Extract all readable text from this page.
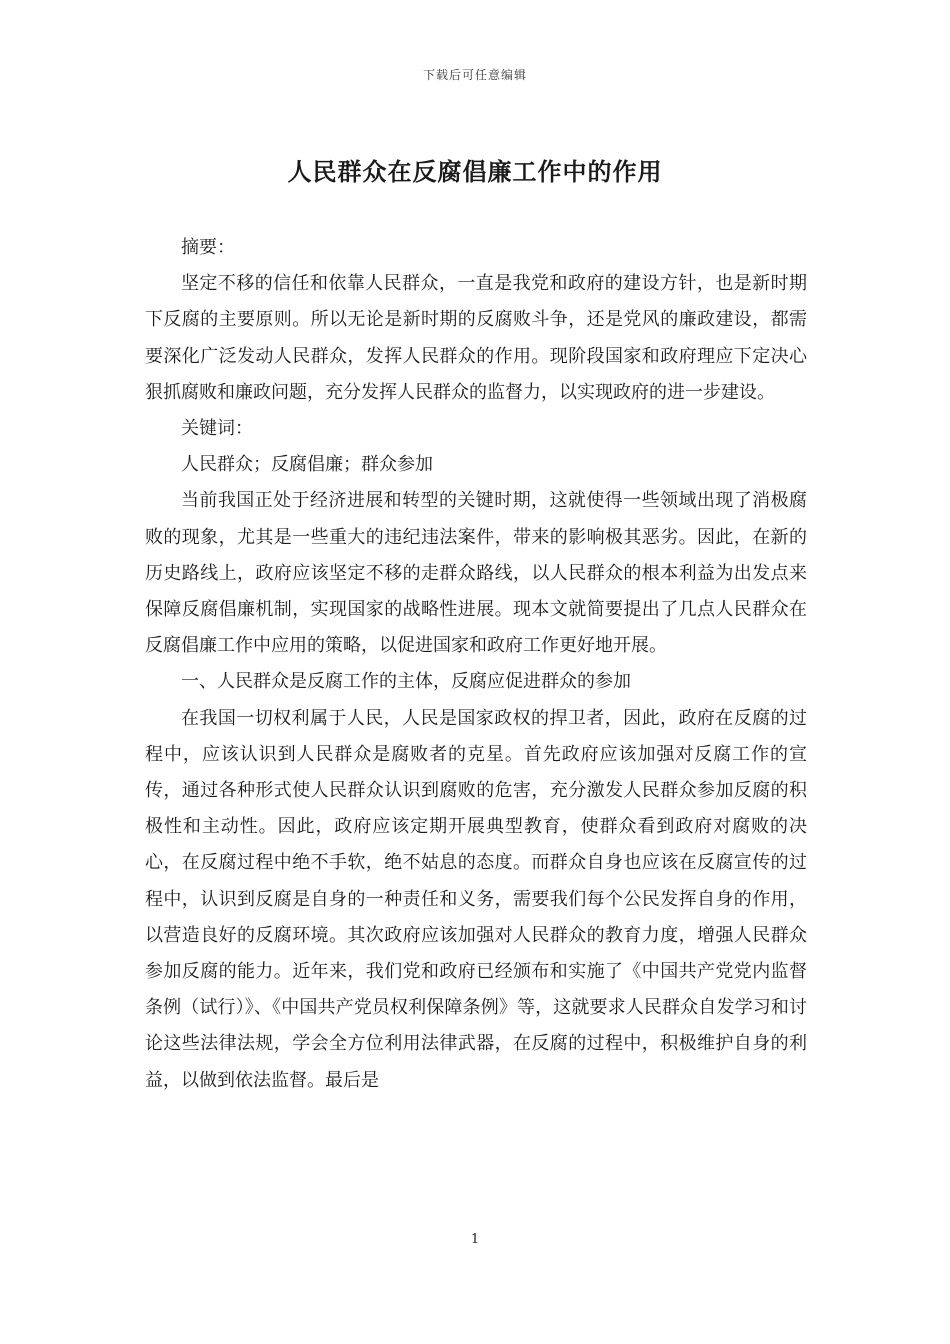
下载后可任意编辑
人民群众在反腐倡廉工作中的作用

摘要：

坚定不移的信任和依靠人民群众，一直是我党和政府的建设方针，也是新时期下反腐的主要原则。所以无论是新时期的反腐败斗争，还是党风的廉政建设，都需要深化广泛发动人民群众，发挥人民群众的作用。现阶段国家和政府理应下定决心狠抓腐败和廉政问题，充分发挥人民群众的监督力，以实现政府的进一步建设。

关键词：

人民群众；反腐倡廉；群众参加

当前我国正处于经济进展和转型的关键时期，这就使得一些领域出现了消极腐败的现象，尤其是一些重大的违纪违法案件，带来的影响极其恶劣。因此，在新的历史路线上，政府应该坚定不移的走群众路线，以人民群众的根本利益为出发点来保障反腐倡廉机制，实现国家的战略性进展。现本文就简要提出了几点人民群众在反腐倡廉工作中应用的策略，以促进国家和政府工作更好地开展。

一、人民群众是反腐工作的主体，反腐应促进群众的参加

在我国一切权利属于人民，人民是国家政权的捍卫者，因此，政府在反腐的过程中，应该认识到人民群众是腐败者的克星。首先政府应该加强对反腐工作的宣传，通过各种形式使人民群众认识到腐败的危害，充分激发人民群众参加反腐的积极性和主动性。因此，政府应该定期开展典型教育，使群众看到政府对腐败的决心，在反腐过程中绝不手软，绝不姑息的态度。而群众自身也应该在反腐宣传的过程中，认识到反腐是自身的一种责任和义务，需要我们每个公民发挥自身的作用，以营造良好的反腐环境。其次政府应该加强对人民群众的教育力度，增强人民群众参加反腐的能力。近年来，我们党和政府已经颁布和实施了《中国共产党党内监督条例（试行）》、《中国共产党员权利保障条例》等，这就要求人民群众自发学习和讨论这些法律法规，学会全方位利用法律武器，在反腐的过程中，积极维护自身的利益，以做到依法监督。最后是

1
